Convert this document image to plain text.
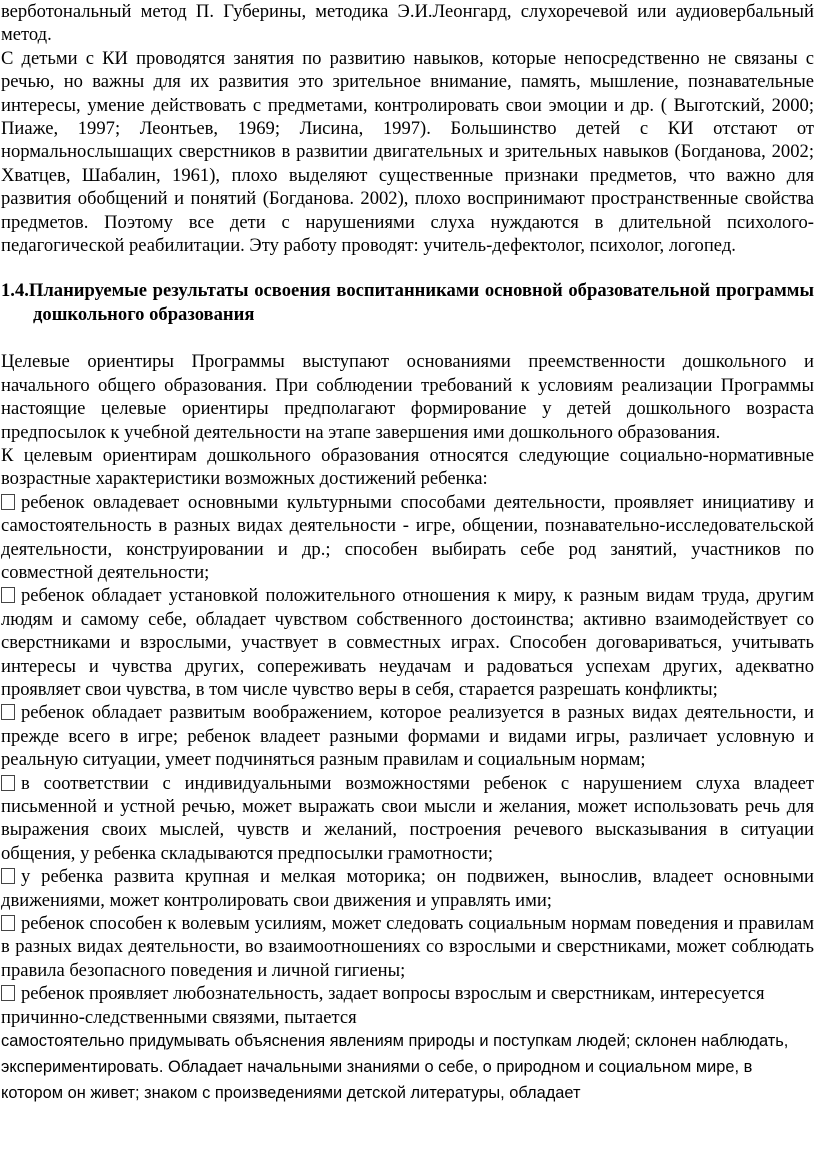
верботональный метод П. Губерины, методика Э.И.Леонгард, слухоречевой или аудиовербальный метод.

С детьми с КИ проводятся занятия по развитию навыков, которые непосредственно не связаны с речью, но важны для их развития это зрительное внимание, память, мышление, познавательные интересы, умение действовать с предметами, контролировать свои эмоции и др. ( Выготский, 2000; Пиаже, 1997; Леонтьев, 1969; Лисина, 1997). Большинство детей с КИ отстают от нормальнослышащих сверстников в развитии двигательных и зрительных навыков (Богданова, 2002; Хватцев, Шабалин, 1961), плохо выделяют существенные признаки предметов, что важно для развития обобщений и понятий (Богданова. 2002), плохо воспринимают пространственные свойства предметов. Поэтому все дети с нарушениями слуха нуждаются в длительной психолого-педагогической реабилитации. Эту работу проводят: учитель-дефектолог, психолог, логопед.

1.4.Планируемые результаты освоения воспитанниками основной образовательной программы дошкольного образования

Целевые ориентиры Программы выступают основаниями преемственности дошкольного и начального общего образования. При соблюдении требований к условиям реализации Программы настоящие целевые ориентиры предполагают формирование у детей дошкольного возраста предпосылок к учебной деятельности на этапе завершения ими дошкольного образования.

К целевым ориентирам дошкольного образования относятся следующие социально-нормативные возрастные характеристики возможных достижений ребенка:

ребенок овладевает основными культурными способами деятельности, проявляет инициативу и самостоятельность в разных видах деятельности - игре, общении, познавательно-исследовательской деятельности, конструировании и др.; способен выбирать себе род занятий, участников по совместной деятельности;

ребенок обладает установкой положительного отношения к миру, к разным видам труда, другим людям и самому себе, обладает чувством собственного достоинства; активно взаимодействует со сверстниками и взрослыми, участвует в совместных играх. Способен договариваться, учитывать интересы и чувства других, сопереживать неудачам и радоваться успехам других, адекватно проявляет свои чувства, в том числе чувство веры в себя, старается разрешать конфликты;

ребенок обладает развитым воображением, которое реализуется в разных видах деятельности, и прежде всего в игре; ребенок владеет разными формами и видами игры, различает условную и реальную ситуации, умеет подчиняться разным правилам и социальным нормам;

в соответствии с индивидуальными возможностями ребенок с нарушением слуха владеет письменной и устной речью, может выражать свои мысли и желания, может использовать речь для выражения своих мыслей, чувств и желаний, построения речевого высказывания в ситуации общения, у ребенка складываются предпосылки грамотности;

у ребенка развита крупная и мелкая моторика; он подвижен, вынослив, владеет основными движениями, может контролировать свои движения и управлять ими;

ребенок способен к волевым усилиям, может следовать социальным нормам поведения и правилам в разных видах деятельности, во взаимоотношениях со взрослыми и сверстниками, может соблюдать правила безопасного поведения и личной гигиены;

ребенок проявляет любознательность, задает вопросы взрослым и сверстникам, интересуется причинно-следственными связями, пытается

самостоятельно придумывать объяснения явлениям природы и поступкам людей; склонен наблюдать,

экспериментировать. Обладает начальными знаниями о себе, о природном и социальном мире, в

котором он живет; знаком с произведениями детской литературы, обладает
